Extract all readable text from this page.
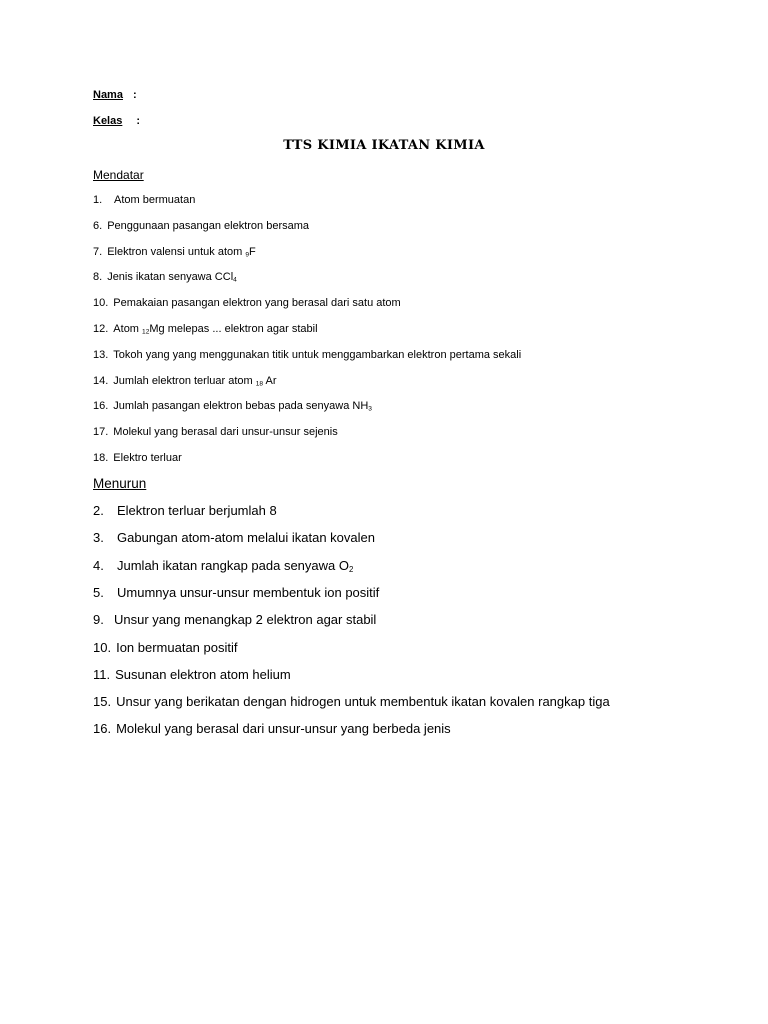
Nama :
Kelas :
TTS KIMIA IKATAN KIMIA
Mendatar
1. Atom bermuatan
6. Penggunaan pasangan elektron bersama
7. Elektron valensi untuk atom $_9$F
8. Jenis ikatan senyawa CCl$_4$
10. Pemakaian pasangan elektron yang berasal dari satu atom
12. Atom $_{12}$Mg melepas ... elektron agar stabil
13. Tokoh yang yang menggunakan titik untuk menggambarkan elektron pertama sekali
14. Jumlah elektron terluar atom $_{18}$ Ar
16. Jumlah pasangan elektron bebas pada senyawa $NH_3$
17. Molekul yang berasal dari unsur-unsur sejenis
18. Elektro terluar
Menurun
2. Elektron terluar berjumlah 8
3. Gabungan atom-atom melalui ikatan kovalen
4. Jumlah ikatan rangkap pada senyawa $O_2$
5. Umumnya unsur-unsur membentuk ion positif
9. Unsur yang menangkap 2 elektron agar stabil
10. Ion bermuatan positif
11. Susunan elektron atom helium
15. Unsur yang berikatan dengan hidrogen untuk membentuk ikatan kovalen rangkap tiga
16. Molekul yang berasal dari unsur-unsur yang berbeda jenis
